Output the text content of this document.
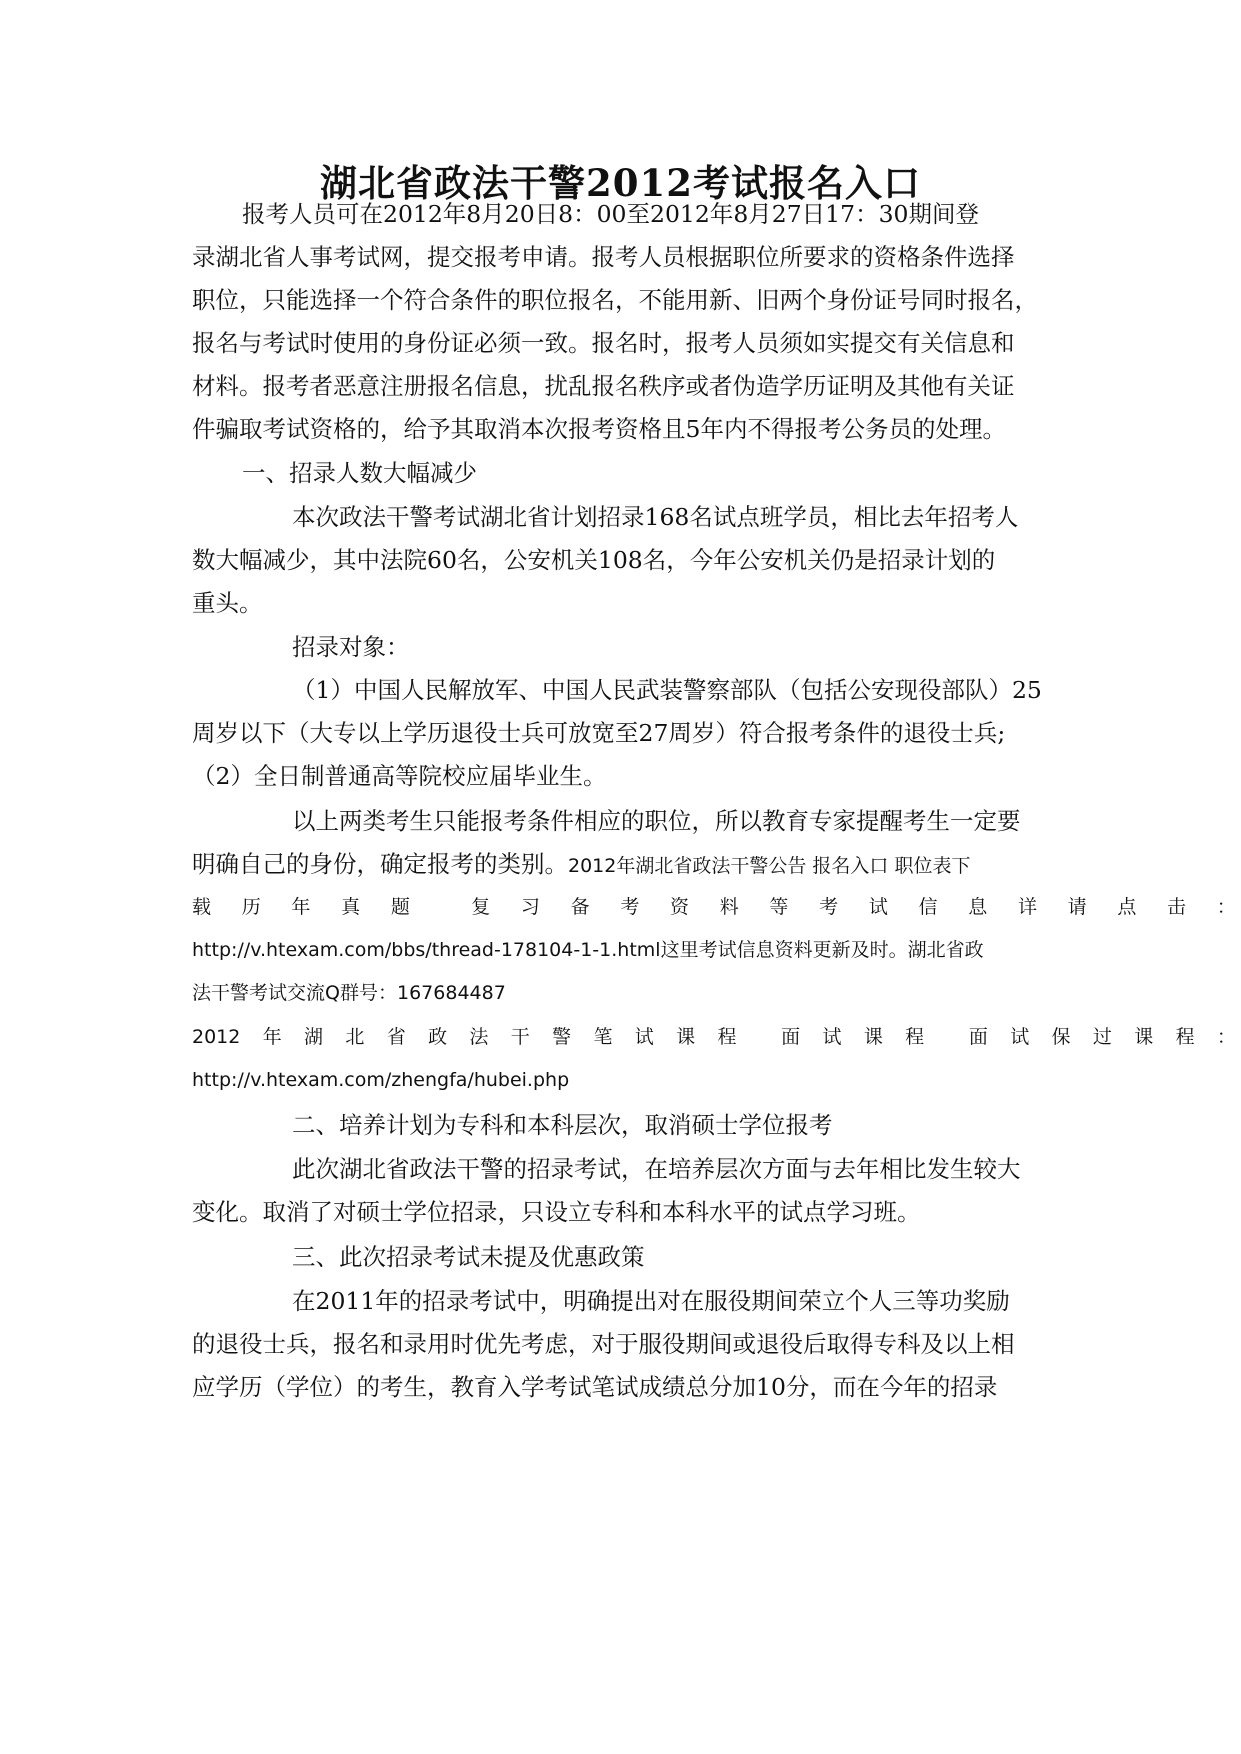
湖北省政法干警2012考试报名入口
报考人员可在2012年8月20日8：00至2012年8月27日17：30期间登
录湖北省人事考试网，提交报考申请。报考人员根据职位所要求的资格条件选择
职位，只能选择一个符合条件的职位报名，不能用新、旧两个身份证号同时报名，
报名与考试时使用的身份证必须一致。报名时，报考人员须如实提交有关信息和
材料。报考者恶意注册报名信息，扰乱报名秩序或者伪造学历证明及其他有关证
件骗取考试资格的，给予其取消本次报考资格且5年内不得报考公务员的处理。
一、招录人数大幅减少
本次政法干警考试湖北省计划招录168名试点班学员，相比去年招考人
数大幅减少，其中法院60名，公安机关108名，今年公安机关仍是招录计划的
重头。
招录对象：
（1）中国人民解放军、中国人民武装警察部队（包括公安现役部队）25
周岁以下（大专以上学历退役士兵可放宽至27周岁）符合报考条件的退役士兵;
（2）全日制普通高等院校应届毕业生。
以上两类考生只能报考条件相应的职位，所以教育专家提醒考生一定要
明确自己的身份，确定报考的类别。2012年湖北省政法干警公告 报名入口 职位表下
载 历 年 真 题	复 习 备 考 资 料 等 考 试 信 息 详 请 点 击 ：
http://v.htexam.com/bbs/thread-178104-1-1.html这里考试信息资料更新及时。湖北省政
法干警考试交流Q群号：167684487
2012 年 湖 北 省 政 法 干 警 笔 试 课 程 面 试 课 程 面 试 保 过 课 程 ：
http://v.htexam.com/zhengfa/hubei.php
二、培养计划为专科和本科层次，取消硕士学位报考
此次湖北省政法干警的招录考试，在培养层次方面与去年相比发生较大
变化。取消了对硕士学位招录，只设立专科和本科水平的试点学习班。
三、此次招录考试未提及优惠政策
在2011年的招录考试中，明确提出对在服役期间荣立个人三等功奖励
的退役士兵，报名和录用时优先考虑，对于服役期间或退役后取得专科及以上相
应学历（学位）的考生，教育入学考试笔试成绩总分加10分，而在今年的招录
